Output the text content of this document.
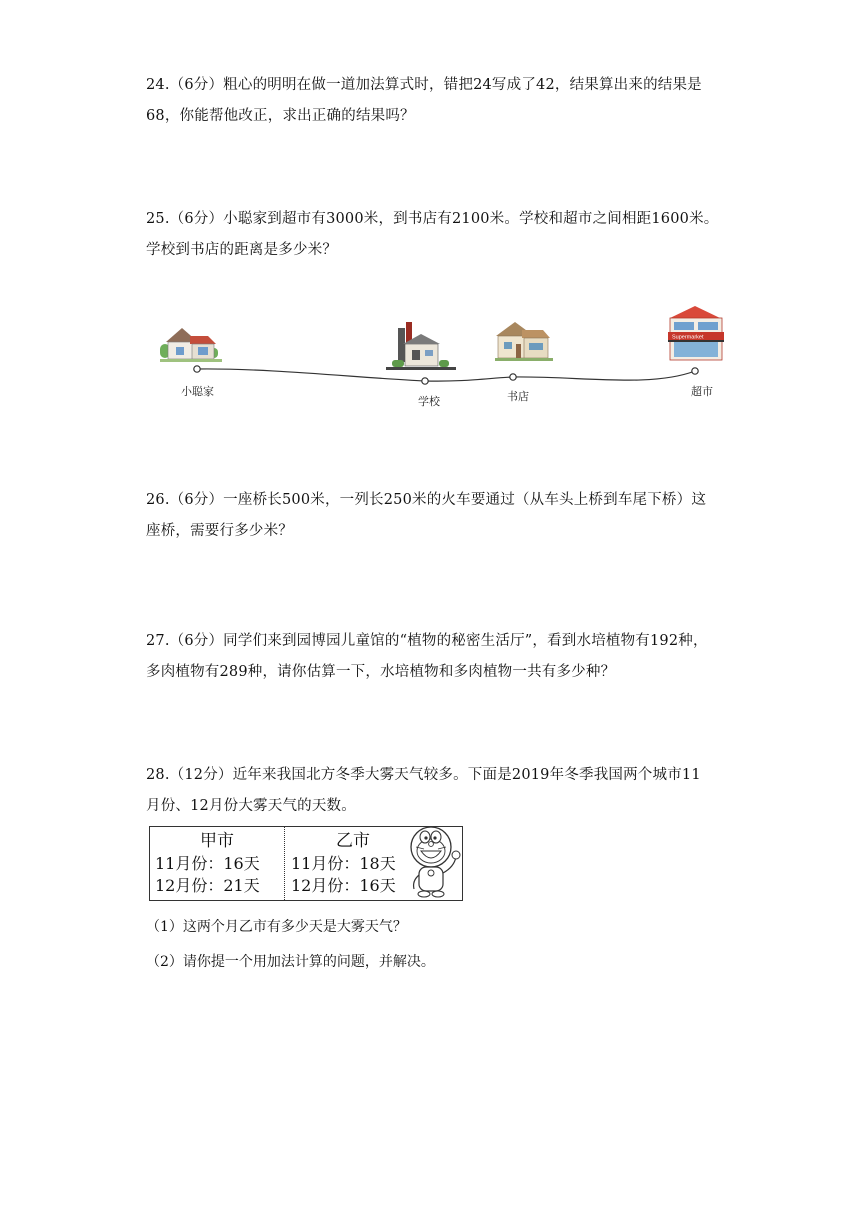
24.（6分）粗心的明明在做一道加法算式时，错把24写成了42，结果算出来的结果是

68，你能帮他改正，求出正确的结果吗？

25.（6分）小聪家到超市有3000米，到书店有2100米。学校和超市之间相距1600米。

学校到书店的距离是多少米？

Supermarket
小聪家
学校	书店	超市

26.（6分）一座桥长500米，一列长250米的火车要通过（从车头上桥到车尾下桥）这

座桥，需要行多少米？

27.（6分）同学们来到园博园儿童馆的“植物的秘密生活厅”，看到水培植物有192种，

多肉植物有289种，请你估算一下，水培植物和多肉植物一共有多少种？

28.（12分）近年来我国北方冬季大雾天气较多。下面是2019年冬季我国两个城市11

月份、12月份大雾天气的天数。

甲市
11月份：16天
12月份：21天
乙市
11月份：18天
12月份：16天
（1）这两个月乙市有多少天是大雾天气？
（2）请你提一个用加法计算的问题，并解决。
